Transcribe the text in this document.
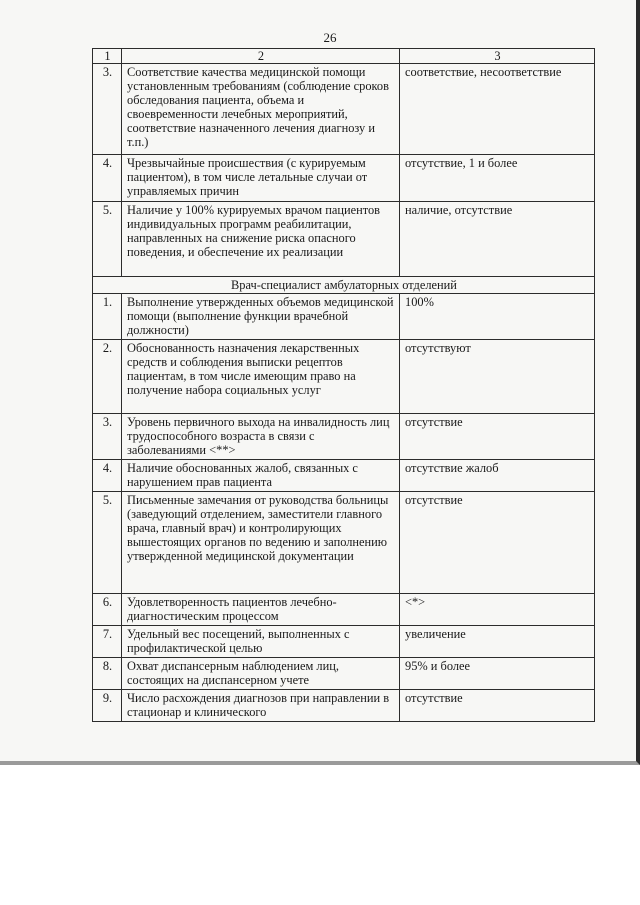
26
1	2	3
3.	Соответствие качества медицинской помощи установленным требованиям (соблюдение сроков обследования пациента, объема и своевременности лечебных мероприятий, соответствие назначенного лечения диагнозу и т.п.)	соответствие, несоответствие
4.	Чрезвычайные происшествия (с курируемым пациентом), в том числе летальные случаи от управляемых причин	отсутствие, 1 и более
5.	Наличие у 100% курируемых врачом пациентов индивидуальных программ реабилитации, направленных на снижение риска опасного поведения, и обеспечение их реализации	наличие, отсутствие
Врач-специалист амбулаторных отделений		
1.	Выполнение утвержденных объемов медицинской помощи (выполнение функции врачебной должности)	100%
2.	Обоснованность назначения лекарственных средств и соблюдения выписки рецептов пациентам, в том числе имеющим право на получение набора социальных услуг	отсутствуют
3.	Уровень первичного выхода на инвалидность лиц трудоспособного возраста в связи с заболеваниями <**>	отсутствие
4.	Наличие обоснованных жалоб, связанных с нарушением прав пациента	отсутствие жалоб
5.	Письменные замечания от руководства больницы (заведующий отделением, заместители главного врача, главный врач) и контролирующих вышестоящих органов по ведению и заполнению утвержденной медицинской документации	отсутствие
6.	Удовлетворенность пациентов лечебно-диагностическим процессом	<*>
7.	Удельный вес посещений, выполненных с профилактической целью	увеличение
8.	Охват диспансерным наблюдением лиц, состоящих на диспансерном учете	95% и более
9.	Число расхождения диагнозов при направлении в стационар и клинического	отсутствие
